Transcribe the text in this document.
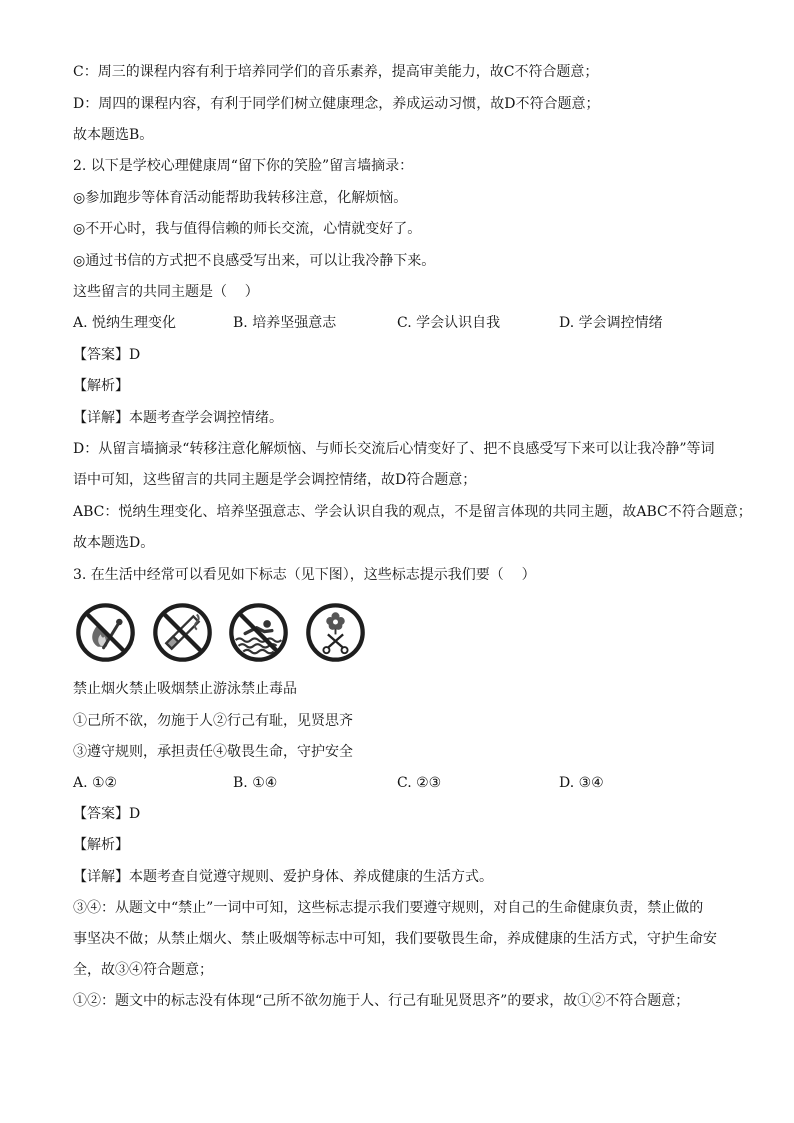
C：周三的课程内容有利于培养同学们的音乐素养，提高审美能力，故C不符合题意；
D：周四的课程内容，有利于同学们树立健康理念，养成运动习惯，故D不符合题意；
故本题选B。
2. 以下是学校心理健康周“留下你的笑脸”留言墙摘录：
◎参加跑步等体育活动能帮助我转移注意，化解烦恼。
◎不开心时，我与值得信赖的师长交流，心情就变好了。
◎通过书信的方式把不良感受写出来，可以让我冷静下来。
这些留言的共同主题是（    ）

A. 悦纳生理变化

	B. 培养坚强意志

	C. 学会认识自我

	D. 学会调控情绪

【答案】D
【解析】
【详解】本题考查学会调控情绪。
D：从留言墙摘录“转移注意化解烦恼、与师长交流后心情变好了、把不良感受写下来可以让我冷静”等词
语中可知，这些留言的共同主题是学会调控情绪，故D符合题意；
ABC：悦纳生理变化、培养坚强意志、学会认识自我的观点，不是留言体现的共同主题，故ABC不符合题意；
故本题选D。
3. 在生活中经常可以看见如下标志（见下图），这些标志提示我们要（    ）
禁止烟火禁止吸烟禁止游泳禁止毒品
①己所不欲，勿施于人②行己有耻，见贤思齐
③遵守规则，承担责任④敬畏生命，守护安全

A. ①②

	B. ①④

	C. ②③

	D. ③④

【答案】D
【解析】
【详解】本题考查自觉遵守规则、爱护身体、养成健康的生活方式。
③④：从题文中“禁止”一词中可知，这些标志提示我们要遵守规则，对自己的生命健康负责，禁止做的
事坚决不做；从禁止烟火、禁止吸烟等标志中可知，我们要敬畏生命，养成健康的生活方式，守护生命安
全，故③④符合题意；
①②：题文中的标志没有体现“己所不欲勿施于人、行己有耻见贤思齐”的要求，故①②不符合题意；
